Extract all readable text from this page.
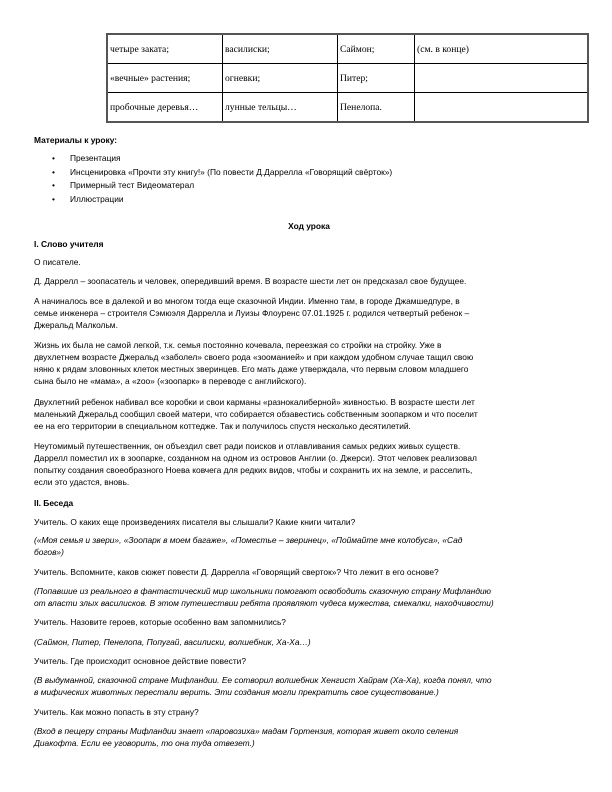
четыре заката;	василиски;	Саймон;	(см. в конце)
«вечные» растения;	огневки;	Питер;	
пробочные деревья…	лунные тельцы…	Пенелопа.	
Материалы к уроку:
• Презентация
• Инсценировка «Прочти эту книгу!» (По повести Д.Даррелла «Говорящий свёрток»)
• Примерный тест Видеоматерал
• Иллюстрации
Ход урока
I. Слово учителя
О писателе.
Д. Даррелл – зоопасатель и человек, опередивший время. В возрасте шести лет он предсказал свое будущее.
А начиналось все в далекой и во многом тогда еще сказочной Индии. Именно там, в городе Джамшедпуре, в
семье инженера – строителя Сэмюэля Даррелла и Луизы Флоуренс 07.01.1925 г. родился четвертый ребенок –
Джеральд Малкольм.
Жизнь их была не самой легкой, т.к. семья постоянно кочевала, переезжая со стройки на стройку. Уже в
двухлетнем возрасте Джеральд «заболел» своего рода «зооманией» и при каждом удобном случае тащил свою
няню к рядам зловонных клеток местных зверинцев. Его мать даже утверждала, что первым словом младшего
сына было не «мама», а «zoo» («зоопарк» в переводе с английского).
Двухлетний ребенок набивал все коробки и свои карманы «разнокалиберной» живностью. В возрасте шести лет
маленький Джеральд сообщил своей матери, что собирается обзавестись собственным зоопарком и что поселит
ее на его территории в специальном коттедже. Так и получилось спустя несколько десятилетий.
Неутомимый путешественник, он объездил свет ради поисков и отлавливания самых редких живых существ.
Даррелл поместил их в зоопарке, созданном на одном из островов Англии (о. Джерси). Этот человек реализовал
попытку создания своеобразного Ноева ковчега для редких видов, чтобы и сохранить их на земле, и расселить,
если это удастся, вновь.
II. Беседа
Учитель. О каких еще произведениях писателя вы слышали? Какие книги читали?
(«Моя семья и звери», «Зоопарк в моем багаже», «Поместье – зверинец», «Поймайте мне колобуса», «Сад
богов»)
Учитель. Вспомните, каков сюжет повести Д. Даррелла «Говорящий сверток»? Что лежит в его основе?
(Попавшие из реального в фантастический мир школьники помогают освободить сказочную страну Мифландию
от власти злых василисков. В этом путешествии ребята проявляют чудеса мужества, смекалки, находчивости)
Учитель. Назовите героев, которые особенно вам запомнились?
(Саймон, Питер, Пенелопа, Попугай, василиски, волшебник, Ха-Ха…)
Учитель. Где происходит основное действие повести?
(В выдуманной, сказочной стране Мифландии. Ее сотворил волшебник Хенгист Хайрам (Ха-Ха), когда понял, что
в мифических животных перестали верить. Эти создания могли прекратить свое существование.)
Учитель. Как можно попасть в эту страну?
(Вход в пещеру страны Мифландии знает «паровозиха» мадам Гортензия, которая живет около селения
Диакофта. Если ее уговорить, то она туда отвезет.)
